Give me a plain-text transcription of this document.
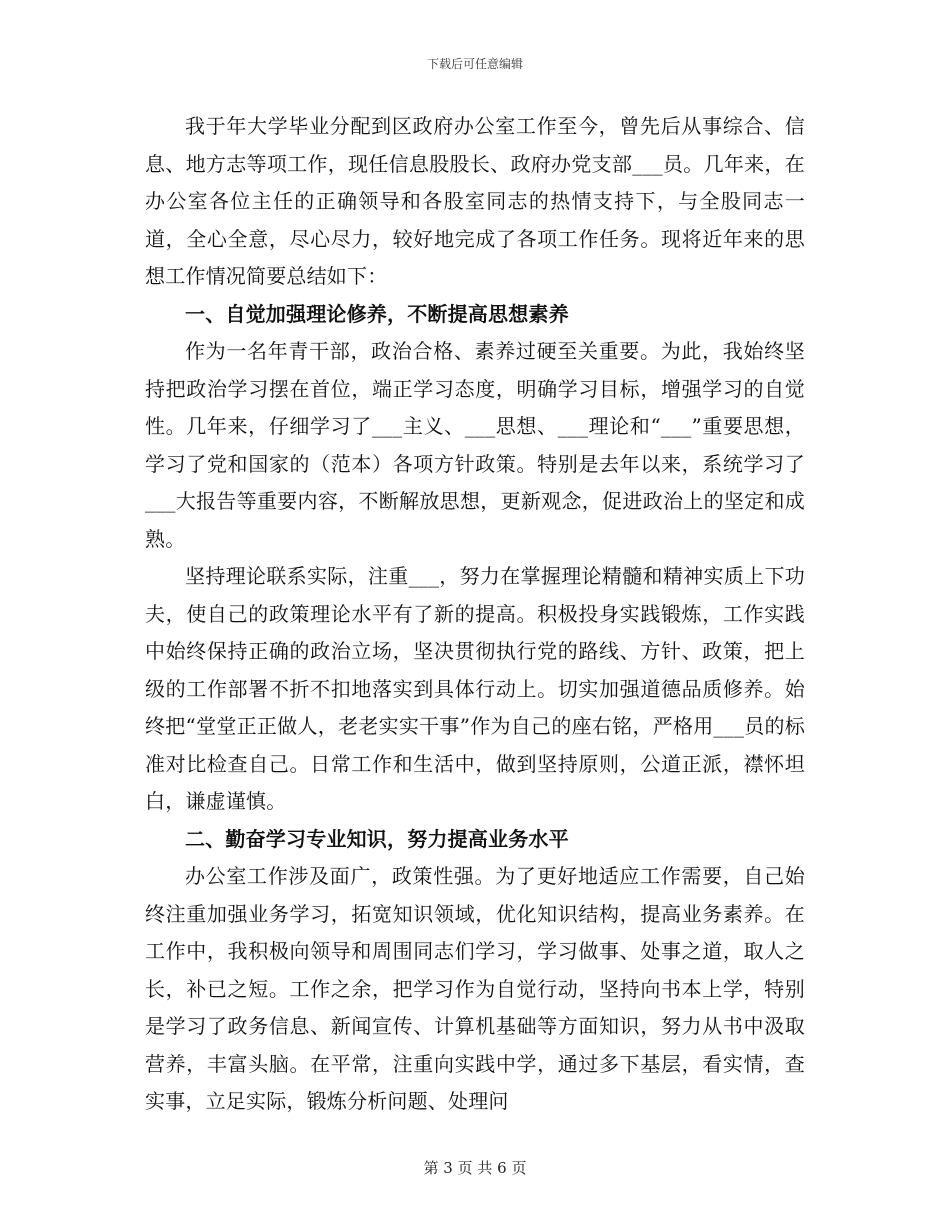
下载后可任意编辑

我于年大学毕业分配到区政府办公室工作至今，曾先后从事综合、信息、地方志等项工作，现任信息股股长、政府办党支部___员。几年来，在办公室各位主任的正确领导和各股室同志的热情支持下，与全股同志一道，全心全意，尽心尽力，较好地完成了各项工作任务。现将近年来的思想工作情况简要总结如下：

一、自觉加强理论修养，不断提高思想素养

作为一名年青干部，政治合格、素养过硬至关重要。为此，我始终坚持把政治学习摆在首位，端正学习态度，明确学习目标，增强学习的自觉性。几年来，仔细学习了___主义、___思想、___理论和“___”重要思想，学习了党和国家的（范本）各项方针政策。特别是去年以来，系统学习了___大报告等重要内容，不断解放思想，更新观念，促进政治上的坚定和成熟。

坚持理论联系实际，注重___，努力在掌握理论精髓和精神实质上下功夫，使自己的政策理论水平有了新的提高。积极投身实践锻炼，工作实践中始终保持正确的政治立场，坚决贯彻执行党的路线、方针、政策，把上级的工作部署不折不扣地落实到具体行动上。切实加强道德品质修养。始终把“堂堂正正做人，老老实实干事”作为自己的座右铭，严格用___员的标准对比检查自己。日常工作和生活中，做到坚持原则，公道正派，襟怀坦白，谦虚谨慎。

二、勤奋学习专业知识，努力提高业务水平

办公室工作涉及面广，政策性强。为了更好地适应工作需要，自己始终注重加强业务学习，拓宽知识领域，优化知识结构，提高业务素养。在工作中，我积极向领导和周围同志们学习，学习做事、处事之道，取人之长，补已之短。工作之余，把学习作为自觉行动，坚持向书本上学，特别是学习了政务信息、新闻宣传、计算机基础等方面知识，努力从书中汲取营养，丰富头脑。在平常，注重向实践中学，通过多下基层，看实情，查实事，立足实际，锻炼分析问题、处理问

第 3 页 共 6 页
